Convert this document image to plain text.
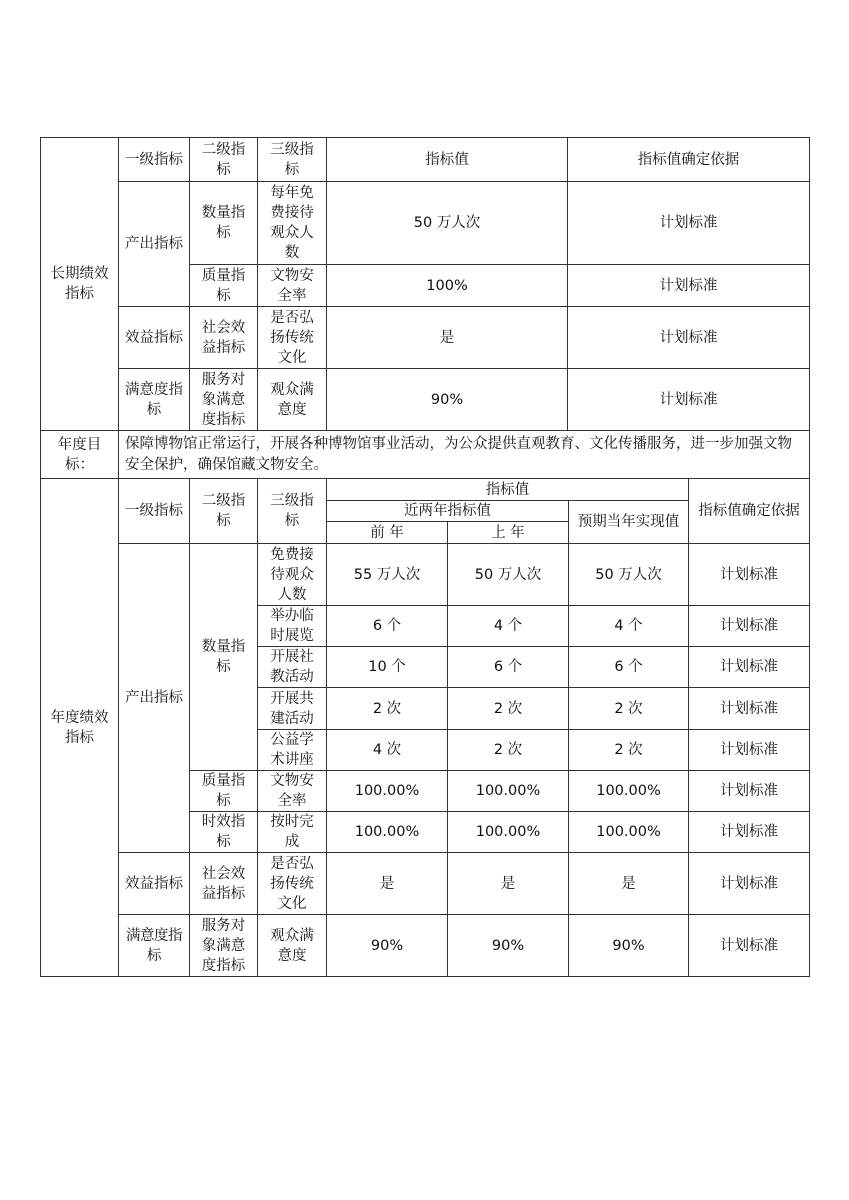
长期绩效指标	一级指标	二级指标	三级指标	指标值	指标值确定依据
	产出指标	数量指标	每年免费接待观众人数	50 万人次	计划标准
		质量指标	文物安全率	100%	计划标准
	效益指标	社会效益指标	是否弘扬传统文化	是	计划标准
	满意度指标	服务对象满意度指标	观众满意度	90%	计划标准
年度目标：	保障博物馆正常运行，开展各种博物馆事业活动，为公众提供直观教育、文化传播服务，进一步加强文物安全保护，确保馆藏文物安全。
年度绩效指标	一级指标	二级指标	三级指标	指标值			指标值确定依据
				近两年指标值		预期当年实现值	
				前 年	上 年		
	产出指标	数量指标	免费接待观众人数	55 万人次	50 万人次	50 万人次	计划标准
			举办临时展览	6 个	4 个	4 个	计划标准
			开展社教活动	10 个	6 个	6 个	计划标准
			开展共建活动	2 次	2 次	2 次	计划标准
			公益学术讲座	4 次	2 次	2 次	计划标准
		质量指标	文物安全率	100.00%	100.00%	100.00%	计划标准
		时效指标	按时完成	100.00%	100.00%	100.00%	计划标准
	效益指标	社会效益指标	是否弘扬传统文化	是	是	是	计划标准
	满意度指标	服务对象满意度指标	观众满意度	90%	90%	90%	计划标准
